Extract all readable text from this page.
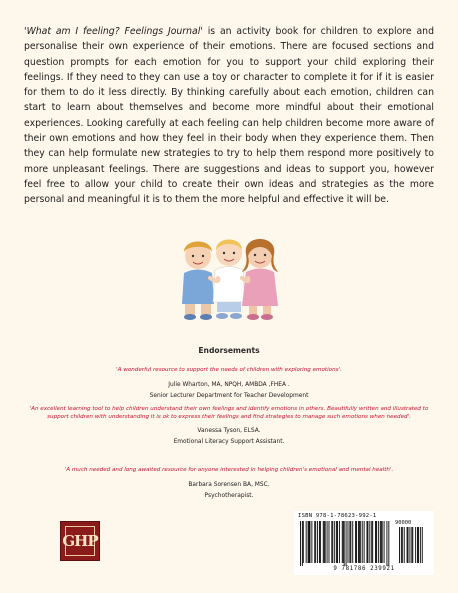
'What am I feeling? Feelings Journal' is an activity book for children to explore and personalise their own experience of their emotions. There are focused sections and question prompts for each emotion for you to support your child exploring their feelings. If they need to they can use a toy or character to complete it for if it is easier for them to do it less directly. By thinking carefully about each emotion, children can start to learn about themselves and become more mindful about their emotional experiences. Looking carefully at each feeling can help children become more aware of their own emotions and how they feel in their body when they experience them. Then they can help formulate new strategies to try to help them respond more positively to more unpleasant feelings. There are suggestions and ideas to support you, however feel free to allow your child to create their own ideas and strategies as the more personal and meaningful it is to them the more helpful and effective it will be.
Endorsements
'A wonderful resource to support the needs of children with exploring emotions'.
Julie Wharton, MA, NPQH, AMBDA ,FHEA .
Senior Lecturer Department for Teacher Development
'An excellent learning tool to help children understand their own feelings and identify emotions in others. Beautifully written and illustrated to support children with understanding it is ok to express their feelings and find strategies to manage such emotions when needed'.
Vanessa Tyson, ELSA.
Emotional Literacy Support Assistant.
'A much needed and long awaited resource for anyone interested in helping children's emotional and mental health'.
Barbara Sorensen BA, MSC.
Psychotherapist.
GHP
ISBN 978-1-78623-992-1
90000
9 781786 239921
